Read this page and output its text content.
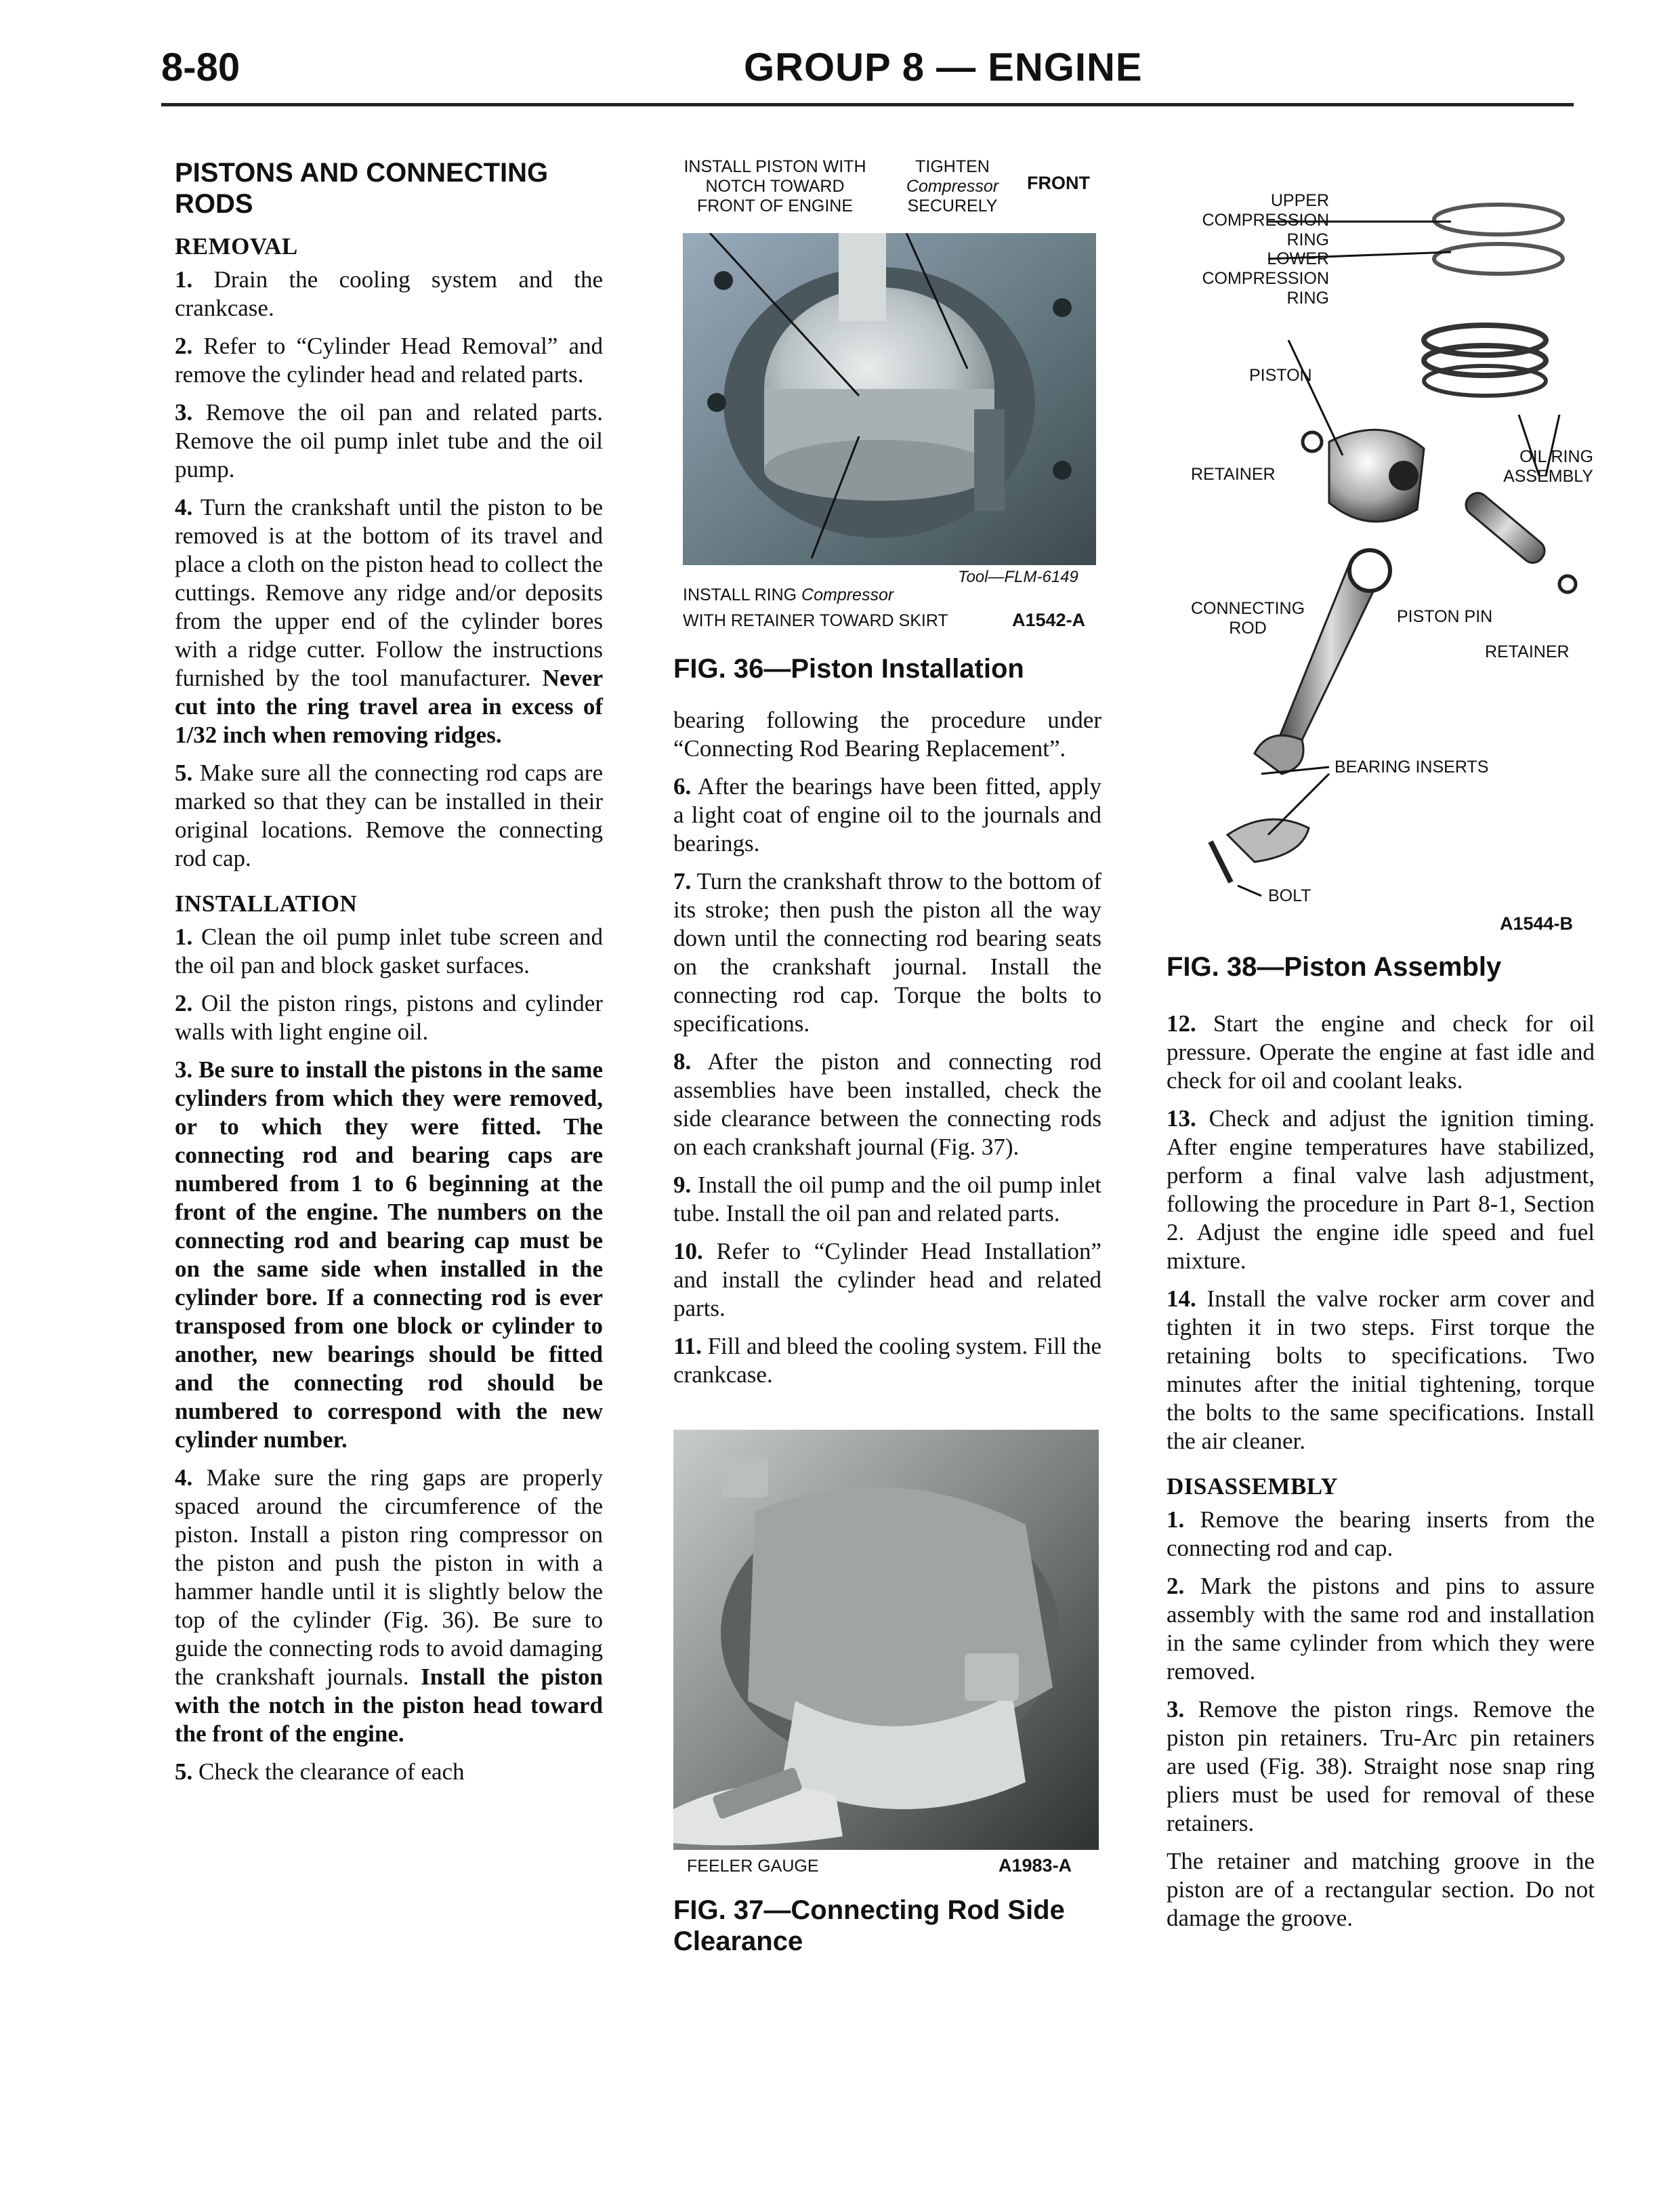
8-80	GROUP 8 — ENGINE
PISTONS AND CONNECTING RODS
REMOVAL

1. Drain the cooling system and the crankcase.

2. Refer to “Cylinder Head Removal” and remove the cylinder head and related parts.

3. Remove the oil pan and related parts. Remove the oil pump inlet tube and the oil pump.

4. Turn the crankshaft until the piston to be removed is at the bottom of its travel and place a cloth on the piston head to collect the cuttings. Remove any ridge and/or deposits from the upper end of the cylinder bores with a ridge cutter. Follow the instructions furnished by the tool manufacturer. Never cut into the ring travel area in excess of 1/32 inch when removing ridges.

5. Make sure all the connecting rod caps are marked so that they can be installed in their original locations. Remove the connecting rod cap.

INSTALLATION

1. Clean the oil pump inlet tube screen and the oil pan and block gasket surfaces.

2. Oil the piston rings, pistons and cylinder walls with light engine oil.

3. Be sure to install the pistons in the same cylinders from which they were removed, or to which they were fitted. The connecting rod and bearing caps are numbered from 1 to 6 beginning at the front of the engine. The numbers on the connecting rod and bearing cap must be on the same side when installed in the cylinder bore. If a connecting rod is ever transposed from one block or cylinder to another, new bearings should be fitted and the connecting rod should be numbered to correspond with the new cylinder number.

4. Make sure the ring gaps are properly spaced around the circumference of the piston. Install a piston ring compressor on the piston and push the piston in with a hammer handle until it is slightly below the top of the cylinder (Fig. 36). Be sure to guide the connecting rods to avoid damaging the crankshaft journals. Install the piston with the notch in the piston head toward the front of the engine.

5. Check the clearance of each

INSTALL PISTON WITH
NOTCH TOWARD
FRONT OF ENGINE
TIGHTEN
Compressor
SECURELY
FRONT
Tool—FLM-6149
INSTALL RING Compressor
WITH RETAINER TOWARD SKIRT	A1542-A
FIG. 36—Piston Installation

bearing following the procedure under “Connecting Rod Bearing Replacement”.

6. After the bearings have been fitted, apply a light coat of engine oil to the journals and bearings.

7. Turn the crankshaft throw to the bottom of its stroke; then push the piston all the way down until the connecting rod bearing seats on the crankshaft journal. Install the connecting rod cap. Torque the bolts to specifications.

8. After the piston and connecting rod assemblies have been installed, check the side clearance between the connecting rods on each crankshaft journal (Fig. 37).

9. Install the oil pump and the oil pump inlet tube. Install the oil pan and related parts.

10. Refer to “Cylinder Head Installation” and install the cylinder head and related parts.

11. Fill and bleed the cooling system. Fill the crankcase.

FEELER GAUGE	A1983-A
FIG. 37—Connecting Rod Side Clearance
UPPER
COMPRESSION RING
LOWER
COMPRESSION RING
PISTON
RETAINER
OIL RING
ASSEMBLY
CONNECTING
ROD
PISTON PIN
RETAINER
BEARING INSERTS
BOLT
A1544-B
FIG. 38—Piston Assembly

12. Start the engine and check for oil pressure. Operate the engine at fast idle and check for oil and coolant leaks.

13. Check and adjust the ignition timing. After engine temperatures have stabilized, perform a final valve lash adjustment, following the procedure in Part 8-1, Section 2. Adjust the engine idle speed and fuel mixture.

14. Install the valve rocker arm cover and tighten it in two steps. First torque the retaining bolts to specifications. Two minutes after the initial tightening, torque the bolts to the same specifications. Install the air cleaner.

DISASSEMBLY

1. Remove the bearing inserts from the connecting rod and cap.

2. Mark the pistons and pins to assure assembly with the same rod and installation in the same cylinder from which they were removed.

3. Remove the piston rings. Remove the piston pin retainers. Tru-Arc pin retainers are used (Fig. 38). Straight nose snap ring pliers must be used for removal of these retainers.

The retainer and matching groove in the piston are of a rectangular section. Do not damage the groove.
